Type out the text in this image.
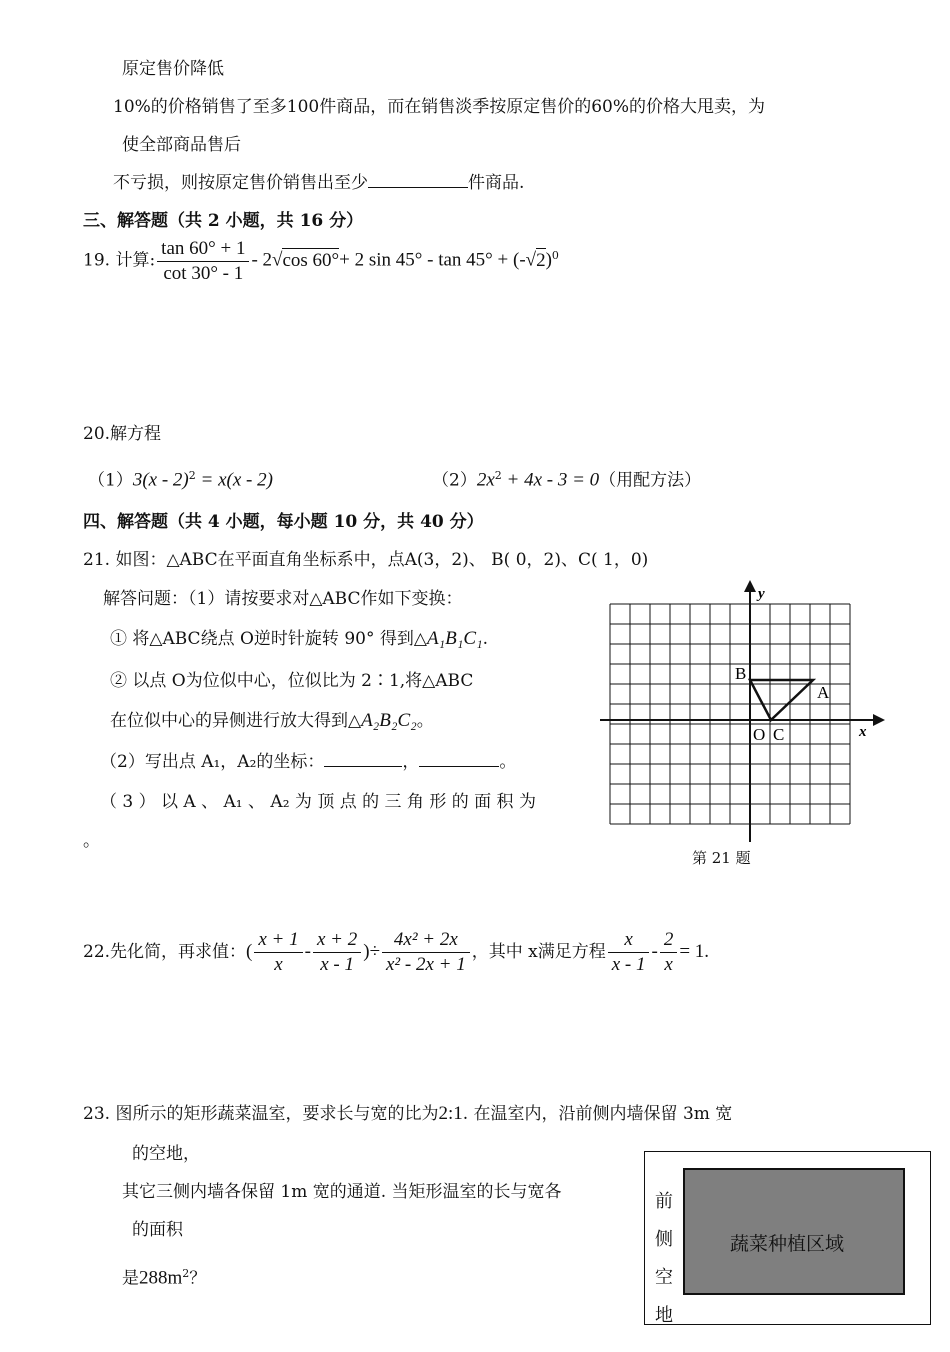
原定售价降低
10%的价格销售了至多100件商品，而在销售淡季按原定售价的60%的价格大甩卖，为
使全部商品售后
不亏损，则按原定售价销售出至少	件商品.
三、解答题（共 2 小题，共 16 分）
19. 计算: $\frac{\tan 60^\circ + 1}{\cot 30^\circ - 1} - 2√\cos$ 60°+ 2 $\sin 45^\circ - \tan 45^\circ + (-√2)^0$
20.解方程
（1）3(x - 2)$^2$ = x(x - 2)	$(2)2x^2 + 4x - 3 = 0$（用配方法）
四、解答题（共 4 小题，每小题 10 分，共 40 分）
21. 如图：△ABC在平面直角坐标系中，点A(3，2)、 B( 0，2)、C( 1，0)
解答问题：（1）请按要求对△ABC作如下变换：
① 将△ABC绕点 O逆时针旋转 90° 得到△A₁B₁C₁.
② 以点 O为位似中心，位似比为 2∶1,将△ABC
在位似中心的异侧进行放大得到△A₂B₂C₂。
（2）写出点 A₁，A₂的坐标：	，	。
（ 3 ） 以 A 、 A₁ 、 A₂ 为 顶 点 的 三 角 形 的 面 积 为
。
y
x
B
A
O C
第 21 题
22.先化简，再求值：( $\frac{x + 1}{x} - \frac{x + 2}{x - 1}$ )÷ $\frac{\text{4x² + 2x}}{\text{x² - 2x + 1}}$ ，其中 x满足方程 $\frac{x}{x - 1} - \frac{2}{x} = 1$.
23. 图所示的矩形蔬菜温室，要求长与宽的比为2:1. 在温室内，沿前侧内墙保留 3m 宽
的空地，
其它三侧内墙各保留 1m 宽的通道. 当矩形温室的长与宽各
的面积
是$288m^2$？
蔬菜种植区域
前
侧
空
地
